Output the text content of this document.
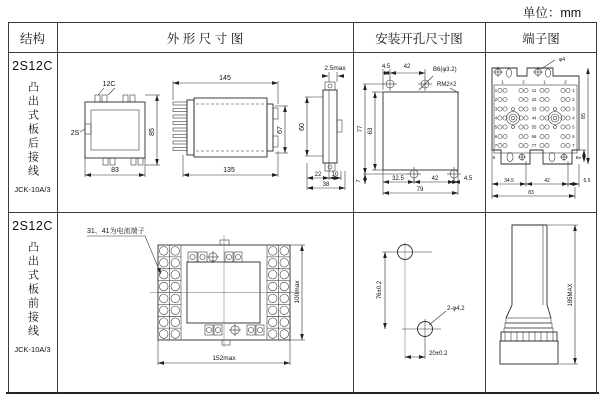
单位：mm
结构	外 形 尺 寸 图	安装开孔尺寸图	端子图
2S12C
凸出式板后接线
JCK-10A/3
2S12C
凸出式板前接线
JCK-10A/3
12C
2S	85
83
145
135
67
2.5max
60
22 10
38
4.5 42	B6(φ3.2)
RM2×2
77 63
7	32.5	42	4.5
79
φ4
1	2	1	2
1
2
3
4
5
6
7
11
22
33
44
55
66
77
1
2
3
4
5
6
7
8	8
4
85
34.5	42	6.5
83
31、41为电流端子
100max
152max
76±0.2
2-φ4.2
20±0.2
185MAX
